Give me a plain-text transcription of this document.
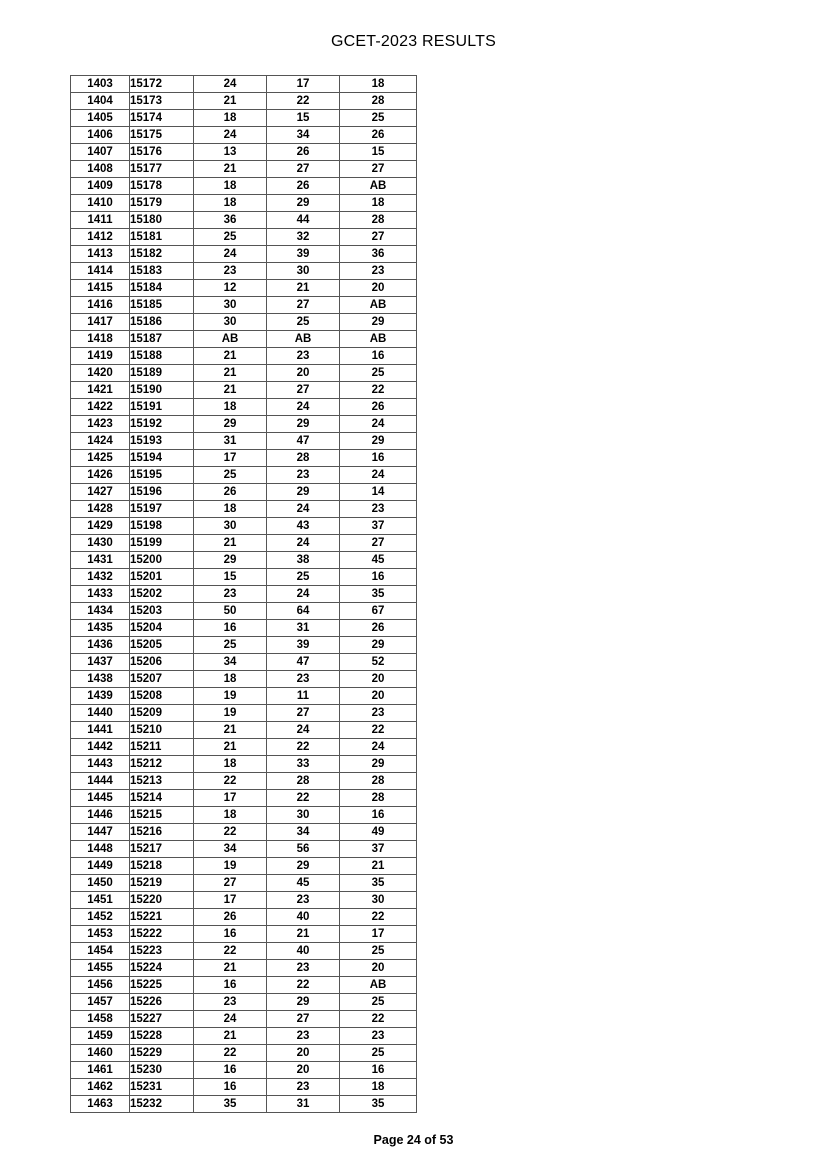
GCET-2023 RESULTS
1403	15172	24	17	18
1404	15173	21	22	28
1405	15174	18	15	25
1406	15175	24	34	26
1407	15176	13	26	15
1408	15177	21	27	27
1409	15178	18	26	AB
1410	15179	18	29	18
1411	15180	36	44	28
1412	15181	25	32	27
1413	15182	24	39	36
1414	15183	23	30	23
1415	15184	12	21	20
1416	15185	30	27	AB
1417	15186	30	25	29
1418	15187	AB	AB	AB
1419	15188	21	23	16
1420	15189	21	20	25
1421	15190	21	27	22
1422	15191	18	24	26
1423	15192	29	29	24
1424	15193	31	47	29
1425	15194	17	28	16
1426	15195	25	23	24
1427	15196	26	29	14
1428	15197	18	24	23
1429	15198	30	43	37
1430	15199	21	24	27
1431	15200	29	38	45
1432	15201	15	25	16
1433	15202	23	24	35
1434	15203	50	64	67
1435	15204	16	31	26
1436	15205	25	39	29
1437	15206	34	47	52
1438	15207	18	23	20
1439	15208	19	11	20
1440	15209	19	27	23
1441	15210	21	24	22
1442	15211	21	22	24
1443	15212	18	33	29
1444	15213	22	28	28
1445	15214	17	22	28
1446	15215	18	30	16
1447	15216	22	34	49
1448	15217	34	56	37
1449	15218	19	29	21
1450	15219	27	45	35
1451	15220	17	23	30
1452	15221	26	40	22
1453	15222	16	21	17
1454	15223	22	40	25
1455	15224	21	23	20
1456	15225	16	22	AB
1457	15226	23	29	25
1458	15227	24	27	22
1459	15228	21	23	23
1460	15229	22	20	25
1461	15230	16	20	16
1462	15231	16	23	18
1463	15232	35	31	35
Page 24 of 53
